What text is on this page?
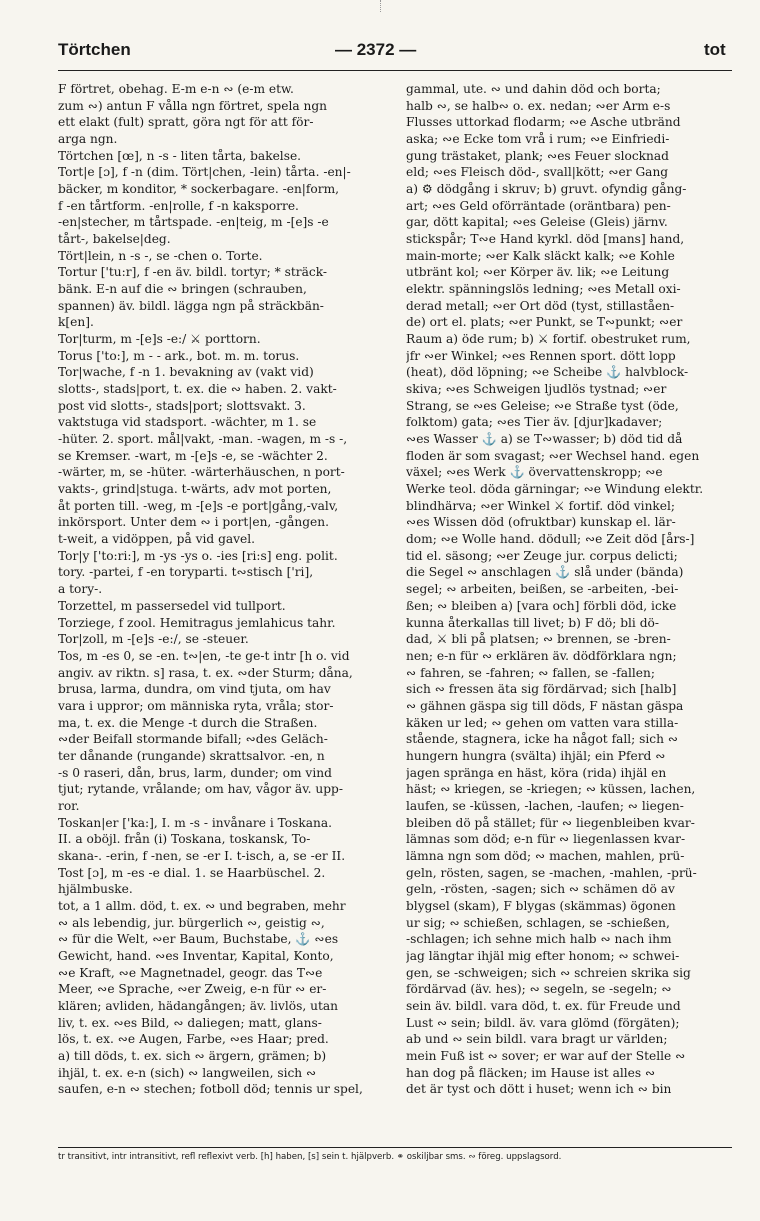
Törtchen	— 2372 —	tot
F förtret, obehag. E-m e-n ∾ (e-m etw.
zum ∾) antun F vålla ngn förtret, spela ngn
ett elakt (fult) spratt, göra ngt för att för-
arga ngn.
Törtchen [œ], n -s - liten tårta, bakelse.
Tort|e [ɔ], f -n (dim. Tört|chen, -lein) tårta. -en|-
bäcker, m konditor, * sockerbagare. -en|form,
f -en tårtform. -en|rolle, f -n kaksporre.
-en|stecher, m tårtspade. -en|teig, m -[e]s -e
tårt-, bakelse|deg.
Tört|lein, n -s -, se -chen o. Torte.
Tortur ['tu:r], f -en äv. bildl. tortyr; * sträck-
bänk. E-n auf die ∾ bringen (schrauben,
spannen) äv. bildl. lägga ngn på sträckbän-
k[en].
Tor|turm, m -[e]s -e:/ ⚔ porttorn.
Torus ['to:], m - - ark., bot. m. m. torus.
Tor|wache, f -n 1. bevakning av (vakt vid)
slotts-, stads|port, t. ex. die ∾ haben. 2. vakt-
post vid slotts-, stads|port; slottsvakt. 3.
vaktstuga vid stadsport. -wächter, m 1. se
-hüter. 2. sport. mål|vakt, -man. -wagen, m -s -,
se Kremser. -wart, m -[e]s -e, se -wächter 2.
-wärter, m, se -hüter. -wärterhäuschen, n port-
vakts-, grind|stuga. t-wärts, adv mot porten,
åt porten till. -weg, m -[e]s -e port|gång,-valv,
inkörsport. Unter dem ∾ i port|en, -gången.
t-weit, a vidöppen, på vid gavel.
Tor|y ['to:ri:], m -ys -ys o. -ies [ri:s] eng. polit.
tory. -partei, f -en toryparti. t∾stisch ['ri],
a tory-.
Torzettel, m passersedel vid tullport.
Torziege, f zool. Hemitragus jemlahicus tahr.
Tor|zoll, m -[e]s -e:/, se -steuer.
Tos, m -es 0, se -en. t∾|en, -te ge-t intr [h o. vid
angiv. av riktn. s] rasa, t. ex. ∾der Sturm; dåna,
brusa, larma, dundra, om vind tjuta, om hav
vara i uppror; om människa ryta, vråla; stor-
ma, t. ex. die Menge -t durch die Straßen.
∾der Beifall stormande bifall; ∾des Geläch-
ter dånande (rungande) skrattsalvor. -en, n
-s 0 raseri, dån, brus, larm, dunder; om vind
tjut; rytande, vrålande; om hav, vågor äv. upp-
ror.
Toskan|er ['ka:], I. m -s - invånare i Toskana.
II. a oböjl. från (i) Toskana, toskansk, To-
skana-. -erin, f -nen, se -er I. t-isch, a, se -er II.
Tost [ɔ], m -es -e dial. 1. se Haarbüschel. 2.
hjälmbuske.
tot, a 1 allm. död, t. ex. ∾ und begraben, mehr
∾ als lebendig, jur. bürgerlich ∾, geistig ∾,
∾ für die Welt, ∾er Baum, Buchstabe, ⚓ ∾es
Gewicht, hand. ∾es Inventar, Kapital, Konto,
∾e Kraft, ∾e Magnetnadel, geogr. das T∾e
Meer, ∾e Sprache, ∾er Zweig, e-n für ∾ er-
klären; avliden, hädangången; äv. livlös, utan
liv, t. ex. ∾es Bild, ∾ daliegen; matt, glans-
lös, t. ex. ∾e Augen, Farbe, ∾es Haar; pred.
a) till döds, t. ex. sich ∾ ärgern, grämen; b)
ihjäl, t. ex. e-n (sich) ∾ langweilen, sich ∾
saufen, e-n ∾ stechen; fotboll död; tennis ur spel,
gammal, ute. ∾ und dahin död och borta;
halb ∾, se halb∾ o. ex. nedan; ∾er Arm e-s
Flusses uttorkad flodarm; ∾e Asche utbränd
aska; ∾e Ecke tom vrå i rum; ∾e Einfriedi-
gung trästaket, plank; ∾es Feuer slocknad
eld; ∾es Fleisch död-, svall|kött; ∾er Gang
a) ⚙ dödgång i skruv; b) gruvt. ofyndig gång-
art; ∾es Geld oförräntade (oräntbara) pen-
gar, dött kapital; ∾es Geleise (Gleis) järnv.
stickspår; T∾e Hand kyrkl. död [mans] hand,
main-morte; ∾er Kalk släckt kalk; ∾e Kohle
utbränt kol; ∾er Körper äv. lik; ∾e Leitung
elektr. spänningslös ledning; ∾es Metall oxi-
derad metall; ∾er Ort död (tyst, stillaståen-
de) ort el. plats; ∾er Punkt, se T∾punkt; ∾er
Raum a) öde rum; b) ⚔ fortif. obestruket rum,
jfr ∾er Winkel; ∾es Rennen sport. dött lopp
(heat), död löpning; ∾e Scheibe ⚓ halvblock-
skiva; ∾es Schweigen ljudlös tystnad; ∾er
Strang, se ∾es Geleise; ∾e Straße tyst (öde,
folktom) gata; ∾es Tier äv. [djur]kadaver;
∾es Wasser ⚓ a) se T∾wasser; b) död tid då
floden är som svagast; ∾er Wechsel hand. egen
växel; ∾es Werk ⚓ övervattenskropp; ∾e
Werke teol. döda gärningar; ∾e Windung elektr.
blindhärva; ∾er Winkel ⚔ fortif. död vinkel;
∾es Wissen död (ofruktbar) kunskap el. lär-
dom; ∾e Wolle hand. dödull; ∾e Zeit död [års-]
tid el. säsong; ∾er Zeuge jur. corpus delicti;
die Segel ∾ anschlagen ⚓ slå under (bända)
segel; ∾ arbeiten, beißen, se -arbeiten, -bei-
ßen; ∾ bleiben a) [vara och] förbli död, icke
kunna återkallas till livet; b) F dö; bli dö-
dad, ⚔ bli på platsen; ∾ brennen, se -bren-
nen; e-n für ∾ erklären äv. dödförklara ngn;
∾ fahren, se -fahren; ∾ fallen, se -fallen;
sich ∾ fressen äta sig fördärvad; sich [halb]
∾ gähnen gäspa sig till döds, F nästan gäspa
käken ur led; ∾ gehen om vatten vara stilla-
stående, stagnera, icke ha något fall; sich ∾
hungern hungra (svälta) ihjäl; ein Pferd ∾
jagen spränga en häst, köra (rida) ihjäl en
häst; ∾ kriegen, se -kriegen; ∾ küssen, lachen,
laufen, se -küssen, -lachen, -laufen; ∾ liegen-
bleiben dö på stället; für ∾ liegenbleiben kvar-
lämnas som död; e-n für ∾ liegenlassen kvar-
lämna ngn som död; ∾ machen, mahlen, prü-
geln, rösten, sagen, se -machen, -mahlen, -prü-
geln, -rösten, -sagen; sich ∾ schämen dö av
blygsel (skam), F blygas (skämmas) ögonen
ur sig; ∾ schießen, schlagen, se -schießen,
-schlagen; ich sehne mich halb ∾ nach ihm
jag längtar ihjäl mig efter honom; ∾ schwei-
gen, se -schweigen; sich ∾ schreien skrika sig
fördärvad (äv. hes); ∾ segeln, se -segeln; ∾
sein äv. bildl. vara död, t. ex. für Freude und
Lust ∾ sein; bildl. äv. vara glömd (förgäten);
ab und ∾ sein bildl. vara bragt ur världen;
mein Fuß ist ∾ sover; er war auf der Stelle ∾
han dog på fläcken; im Hause ist alles ∾
det är tyst och dött i huset; wenn ich ∾ bin
tr transitivt, intr intransitivt, refl reflexivt verb. [h] haben, [s] sein t. hjälpverb. ⚭ oskiljbar sms. ∾ föreg. uppslagsord.
